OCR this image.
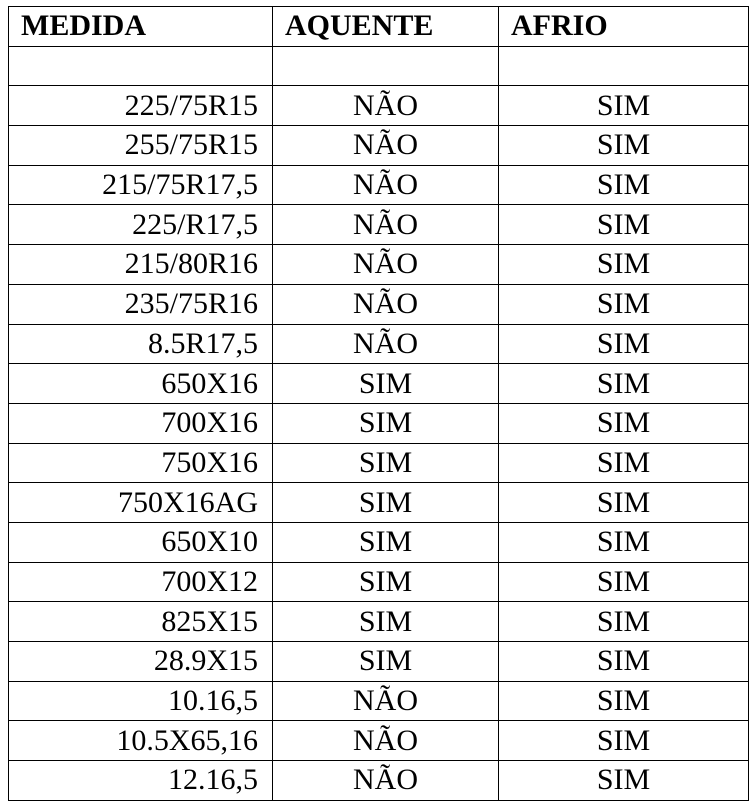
MEDIDA	AQUENTE	AFRIO

225/75R15	NÃO	SIM
255/75R15	NÃO	SIM
215/75R17,5	NÃO	SIM
225/R17,5	NÃO	SIM
215/80R16	NÃO	SIM
235/75R16	NÃO	SIM
8.5R17,5	NÃO	SIM
650X16	SIM	SIM
700X16	SIM	SIM
750X16	SIM	SIM
750X16AG	SIM	SIM
650X10	SIM	SIM
700X12	SIM	SIM
825X15	SIM	SIM
28.9X15	SIM	SIM
10.16,5	NÃO	SIM
10.5X65,16	NÃO	SIM
12.16,5	NÃO	SIM
